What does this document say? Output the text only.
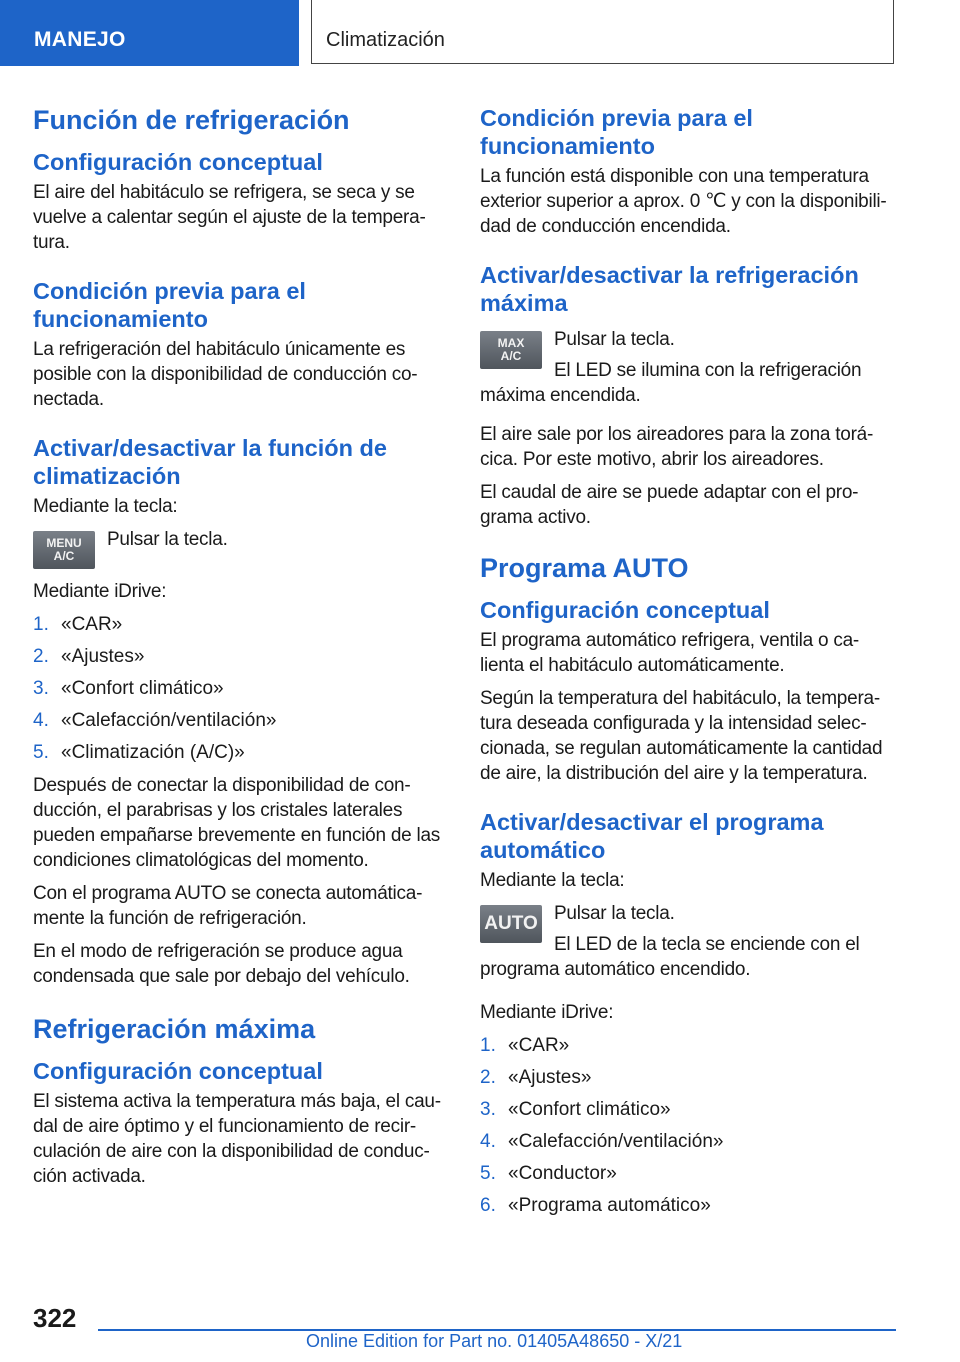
MANEJO	Climatización
Función de refrigeración
Configuración conceptual

El aire del habitáculo se refrigera, se seca y se vuelve a calentar según el ajuste de la tempera‑ tura.

Condición previa para el funcionamiento

La refrigeración del habitáculo únicamente es posible con la disponibilidad de conducción co‑ nectada.

Activar/desactivar la función de climatización

Mediante la tecla:

MENU
A/C

Pulsar la tecla.

Mediante iDrive:

1. «CAR»
2. «Ajustes»
3. «Confort climático»
4. «Calefacción/ventilación»
5. «Climatización (A/C)»

Después de conectar la disponibilidad de con‑ ducción, el parabrisas y los cristales laterales pueden empañarse brevemente en función de las condiciones climatológicas del momento.

Con el programa AUTO se conecta automática‑ mente la función de refrigeración.

En el modo de refrigeración se produce agua condensada que sale por debajo del vehículo.

Refrigeración máxima
Configuración conceptual

El sistema activa la temperatura más baja, el cau‑ dal de aire óptimo y el funcionamiento de recir‑ culación de aire con la disponibilidad de conduc‑ ción activada.

Condición previa para el funcionamiento

La función está disponible con una temperatura exterior superior a aprox. 0 ℃ y con la disponibili‑ dad de conducción encendida.

Activar/desactivar la refrigeración máxima
MAX
A/C

Pulsar la tecla.

El LED se ilumina con la refrigeración máxima encendida.

El aire sale por los aireadores para la zona torá‑ cica. Por este motivo, abrir los aireadores.

El caudal de aire se puede adaptar con el pro‑ grama activo.

Programa AUTO
Configuración conceptual

El programa automático refrigera, ventila o ca‑ lienta el habitáculo automáticamente.

Según la temperatura del habitáculo, la tempera‑ tura deseada configurada y la intensidad selec‑ cionada, se regulan automáticamente la cantidad de aire, la distribución del aire y la temperatura.

Activar/desactivar el programa automático

Mediante la tecla:

AUTO Pulsar la tecla.

El LED de la tecla se enciende con el programa automático encendido.

Mediante iDrive:

1. «CAR»
2. «Ajustes»
3. «Confort climático»
4. «Calefacción/ventilación»
5. «Conductor»
6. «Programa automático»
322
Online Edition for Part no. 01405A48650 - X/21
